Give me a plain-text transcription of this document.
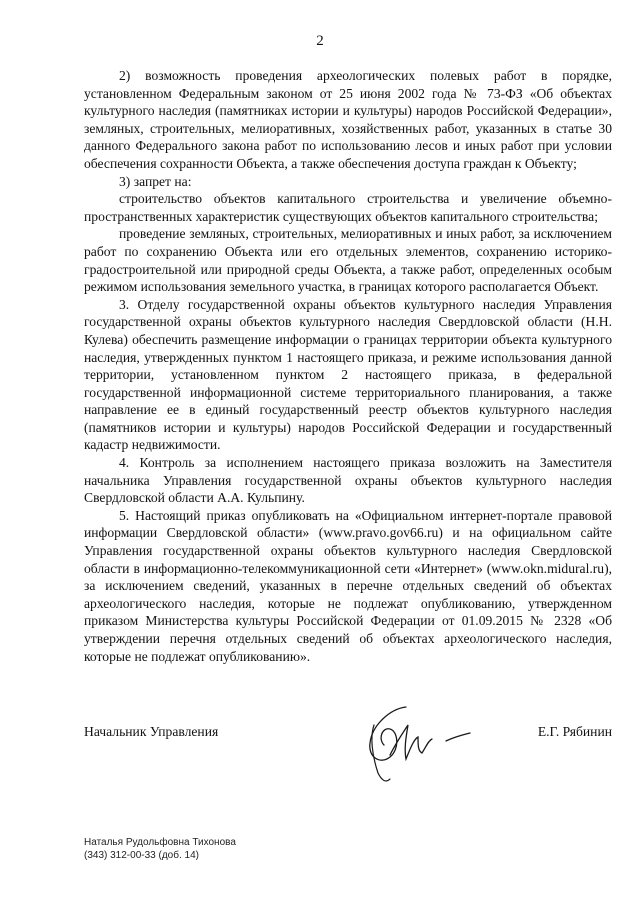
2

2) возможность проведения археологических полевых работ в порядке, установленном Федеральным законом от 25 июня 2002 года № 73-ФЗ «Об объектах культурного наследия (памятниках истории и культуры) народов Российской Федерации», земляных, строительных, мелиоративных, хозяйственных работ, указанных в статье 30 данного Федерального закона работ по использованию лесов и иных работ при условии обеспечения сохранности Объекта, а также обеспечения доступа граждан к Объекту;

3) запрет на:

строительство объектов капитального строительства и увеличение объемно-пространственных характеристик существующих объектов капитального строительства;

проведение земляных, строительных, мелиоративных и иных работ, за исключением работ по сохранению Объекта или его отдельных элементов, сохранению историко-градостроительной или природной среды Объекта, а также работ, определенных особым режимом использования земельного участка, в границах которого располагается Объект.

3. Отделу государственной охраны объектов культурного наследия Управления государственной охраны объектов культурного наследия Свердловской области (Н.Н. Кулева) обеспечить размещение информации о границах территории объекта культурного наследия, утвержденных пунктом 1 настоящего приказа, и режиме использования данной территории, установленном пунктом 2 настоящего приказа, в федеральной государственной информационной системе территориального планирования, а также направление ее в единый государственный реестр объектов культурного наследия (памятников истории и культуры) народов Российской Федерации и государственный кадастр недвижимости.

4. Контроль за исполнением настоящего приказа возложить на Заместителя начальника Управления государственной охраны объектов культурного наследия Свердловской области А.А. Кульпину.

5. Настоящий приказ опубликовать на «Официальном интернет-портале правовой информации Свердловской области» (www.pravo.gov66.ru) и на официальном сайте Управления государственной охраны объектов культурного наследия Свердловской области в информационно-телекоммуникационной сети «Интернет» (www.okn.midural.ru), за исключением сведений, указанных в перечне отдельных сведений об объектах археологического наследия, которые не подлежат опубликованию, утвержденном приказом Министерства культуры Российской Федерации от 01.09.2015 № 2328 «Об утверждении перечня отдельных сведений об объектах археологического наследия, которые не подлежат опубликованию».

Начальник Управления	Е.Г. Рябинин
Наталья Рудольфовна Тихонова
(343) 312-00-33 (доб. 14)
